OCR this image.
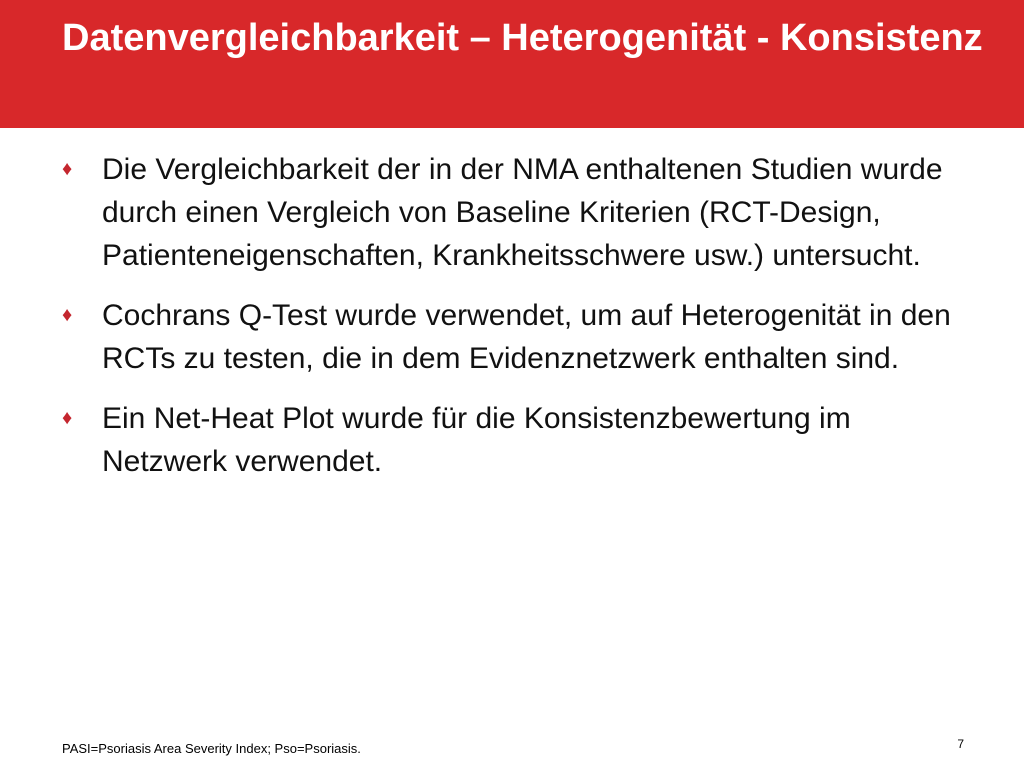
Datenvergleichbarkeit – Heterogenität - Konsistenz
♦ Die Vergleichbarkeit der in der NMA enthaltenen Studien wurde durch einen Vergleich von Baseline Kriterien (RCT-Design, Patienteneigenschaften, Krankheitsschwere usw.) untersucht.
♦ Cochrans Q-Test wurde verwendet, um auf Heterogenität in den RCTs zu testen, die in dem Evidenznetzwerk enthalten sind.
♦ Ein Net-Heat Plot wurde für die Konsistenzbewertung im Netzwerk verwendet.
PASI=Psoriasis Area Severity Index; Pso=Psoriasis.	7
